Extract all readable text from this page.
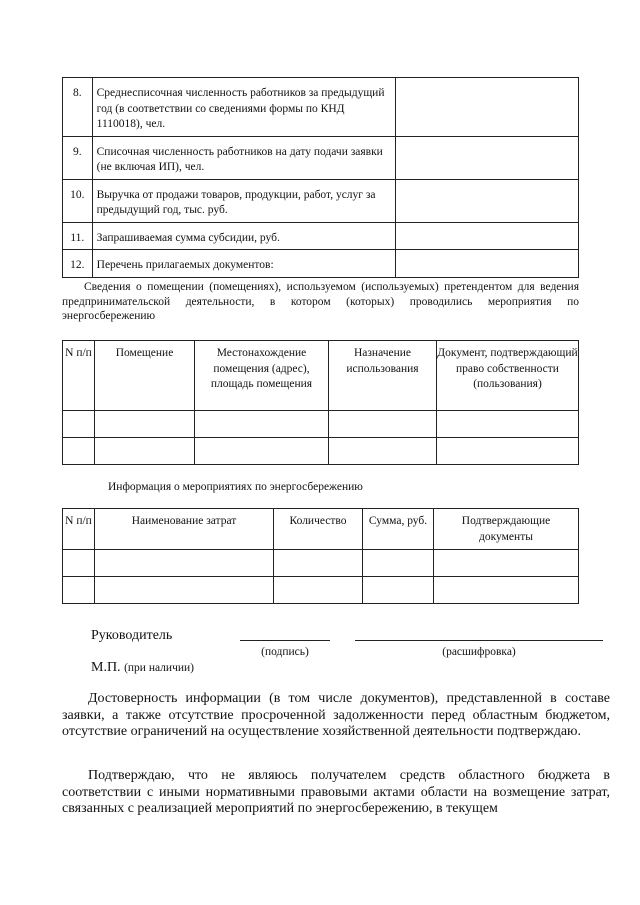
8.	Среднесписочная численность работников за предыдущий год (в соответствии со сведениями формы по КНД 1110018), чел.	
9.	Списочная численность работников на дату подачи заявки (не включая ИП), чел.	
10.	Выручка от продажи товаров, продукции, работ, услуг за предыдущий год, тыс. руб.	
11.	Запрашиваемая сумма субсидии, руб.	
12.	Перечень прилагаемых документов:	
Сведения о помещении (помещениях), используемом (используемых) претендентом для ведения предпринимательской деятельности, в котором (которых) проводились мероприятия по энергосбережению
N п/п	Помещение	Местонахождение помещения (адрес), площадь помещения	Назначение использования	Документ, подтверждающий право собственности (пользования)

Информация о мероприятиях по энергосбережению
N п/п	Наименование затрат	Количество	Сумма, руб.	Подтверждающие документы

Руководитель
(подпись)	(расшифровка)
М.П. (при наличии)
Достоверность информации (в том числе документов), представленной в составе заявки, а также отсутствие просроченной задолженности перед областным бюджетом, отсутствие ограничений на осуществление хозяйственной деятельности подтверждаю.
Подтверждаю, что не являюсь получателем средств областного бюджета в соответствии с иными нормативными правовыми актами области на возмещение затрат, связанных с реализацией мероприятий по энергосбережению, в текущем
